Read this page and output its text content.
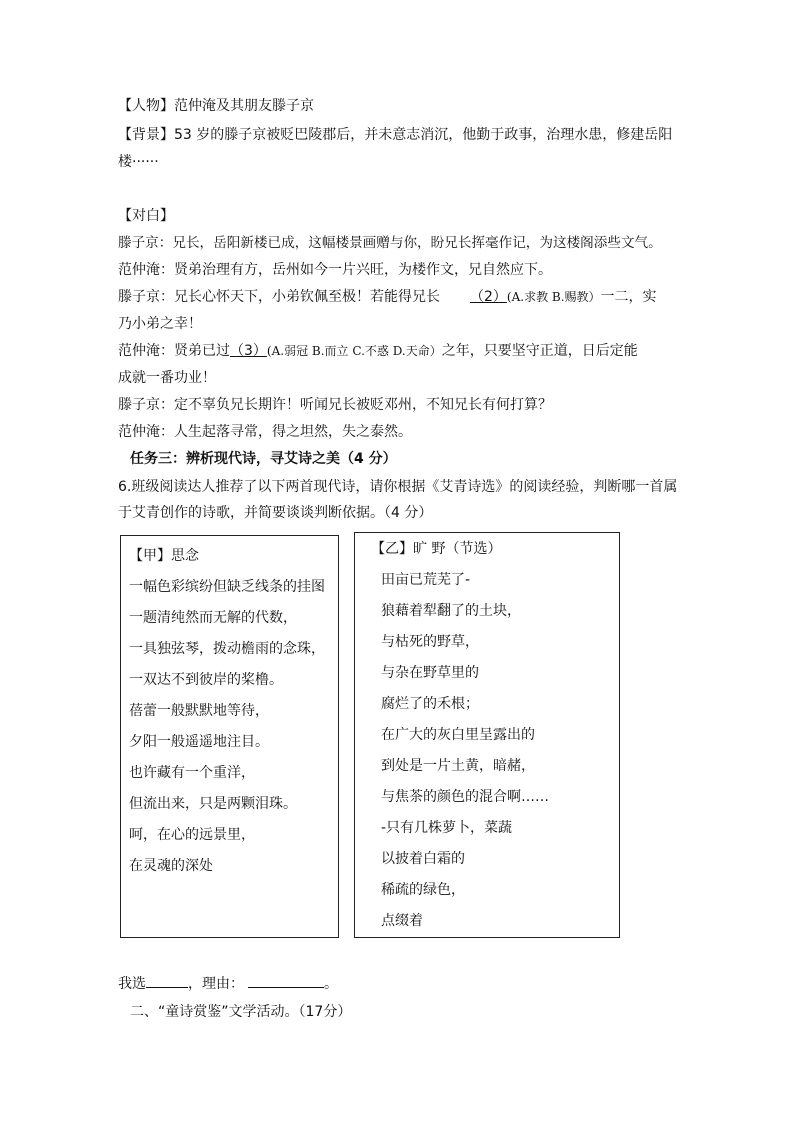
【人物】范仲淹及其朋友滕子京
【背景】53 岁的滕子京被贬巴陵郡后，并未意志消沉，他勤于政事，治理水患，修建岳阳
楼······
【对白】
滕子京：兄长，岳阳新楼已成，这幅楼景画赠与你，盼兄长挥毫作记，为这楼阁添些文气。
范仲淹：贤弟治理有方，岳州如今一片兴旺，为楼作文，兄自然应下。
滕子京：兄长心怀天下，小弟钦佩至极！若能得兄长 （2）(A.求教 B.赐教）一二，实
乃小弟之幸！
范仲淹：贤弟已过（3）(A.弱冠 B.而立 C.不惑 D.天命）之年，只要坚守正道，日后定能
成就一番功业！
滕子京：定不辜负兄长期许！听闻兄长被贬邓州，不知兄长有何打算？
范仲淹：人生起落寻常，得之坦然，失之泰然。
任务三：辨析现代诗，寻艾诗之美（4 分）
6.班级阅读达人推荐了以下两首现代诗，请你根据《艾青诗选》的阅读经验，判断哪一首属
于艾青创作的诗歌，并简要谈谈判断依据。（4 分）
【甲】思念
一幅色彩缤纷但缺乏线条的挂图
一题清纯然而无解的代数，
一具独弦琴，拨动檐雨的念珠，
一双达不到彼岸的桨橹。
蓓蕾一般默默地等待，
夕阳一般遥遥地注目。
也许藏有一个重洋，
但流出来，只是两颗泪珠。
呵，在心的远景里，
在灵魂的深处
【乙】旷 野（节选）
田亩已荒芜了-
狼藉着犁翻了的土块，
与枯死的野草，
与杂在野草里的
腐烂了的禾根；
在广大的灰白里呈露出的
到处是一片土黄，暗赭，
与焦茶的颜色的混合啊……
-只有几株萝卜，菜蔬
以披着白霜的
稀疏的绿色，
点缀着
我选	，理由：	。
二、“童诗赏鉴”文学活动。（17分）
